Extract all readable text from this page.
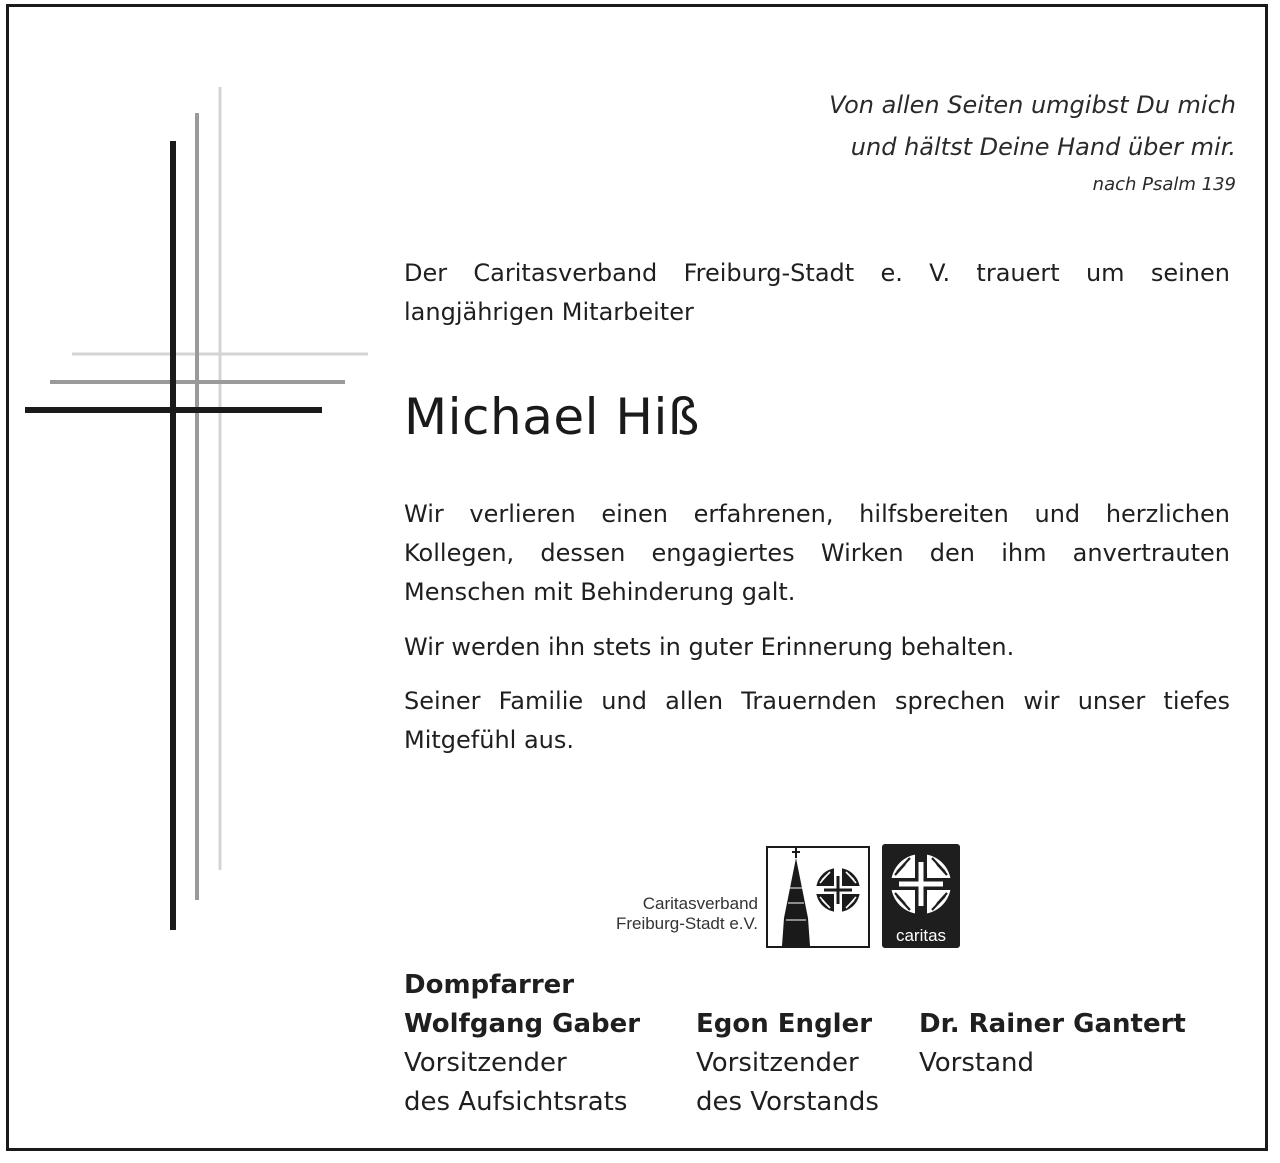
Von allen Seiten umgibst Du mich
und hältst Deine Hand über mir.
nach Psalm 139
Der Caritasverband Freiburg-Stadt e. V. trauert um seinen langjährigen Mitarbeiter
Michael Hiß
Wir verlieren einen erfahrenen, hilfsbereiten und herzlichen Kollegen, dessen engagiertes Wirken den ihm anvertrauten Menschen mit Behinderung galt.
Wir werden ihn stets in guter Erinnerung behalten.
Seiner Familie und allen Trauernden sprechen wir unser tiefes Mitgefühl aus.
Caritasverband
Freiburg-Stadt e.V.
caritas
Dompfarrer
Wolfgang Gaber
Vorsitzender
des Aufsichtsrats
Egon Engler
Vorsitzender
des Vorstands
Dr. Rainer Gantert
Vorstand
